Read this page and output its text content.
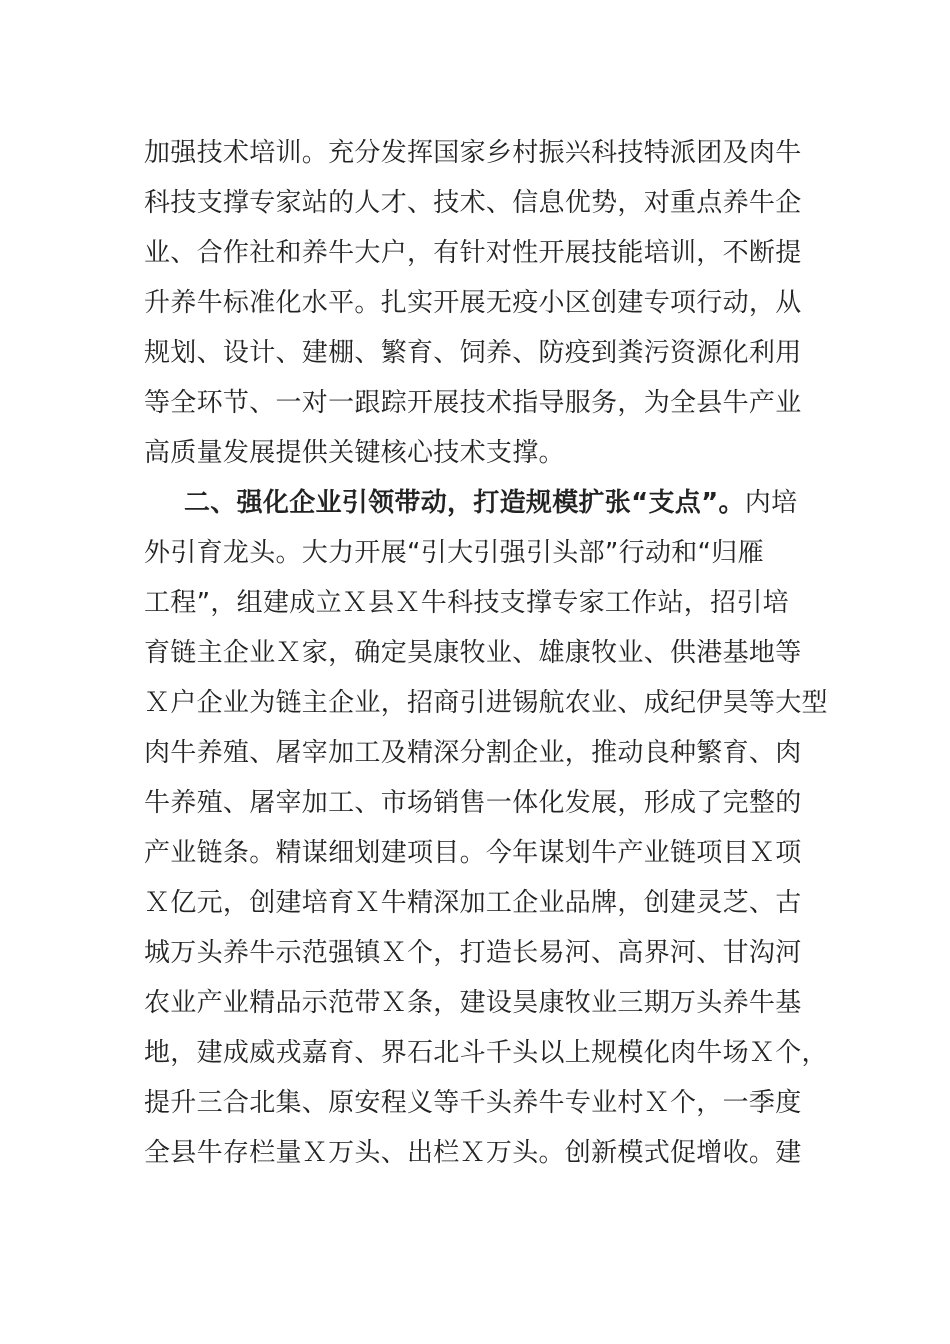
加强技术培训。充分发挥国家乡村振兴科技特派团及肉牛
科技支撑专家站的人才、技术、信息优势，对重点养牛企
业、合作社和养牛大户，有针对性开展技能培训，不断提
升养牛标准化水平。扎实开展无疫小区创建专项行动，从
规划、设计、建棚、繁育、饲养、防疫到粪污资源化利用
等全环节、一对一跟踪开展技术指导服务，为全县牛产业
高质量发展提供关键核心技术支撑。
二、强化企业引领带动，打造规模扩张“支点”。内培
外引育龙头。大力开展“引大引强引头部”行动和“归雁
工程”，组建成立Ｘ县Ｘ牛科技支撑专家工作站，招引培
育链主企业Ｘ家，确定昊康牧业、雄康牧业、供港基地等
Ｘ户企业为链主企业，招商引进锡航农业、成纪伊昊等大型
肉牛养殖、屠宰加工及精深分割企业，推动良种繁育、肉
牛养殖、屠宰加工、市场销售一体化发展，形成了完整的
产业链条。精谋细划建项目。今年谋划牛产业链项目Ｘ项
Ｘ亿元，创建培育Ｘ牛精深加工企业品牌，创建灵芝、古
城万头养牛示范强镇Ｘ个，打造长易河、高界河、甘沟河
农业产业精品示范带Ｘ条，建设昊康牧业三期万头养牛基
地，建成威戎嘉育、界石北斗千头以上规模化肉牛场Ｘ个，
提升三合北集、原安程义等千头养牛专业村Ｘ个，一季度
全县牛存栏量Ｘ万头、出栏Ｘ万头。创新模式促增收。建
